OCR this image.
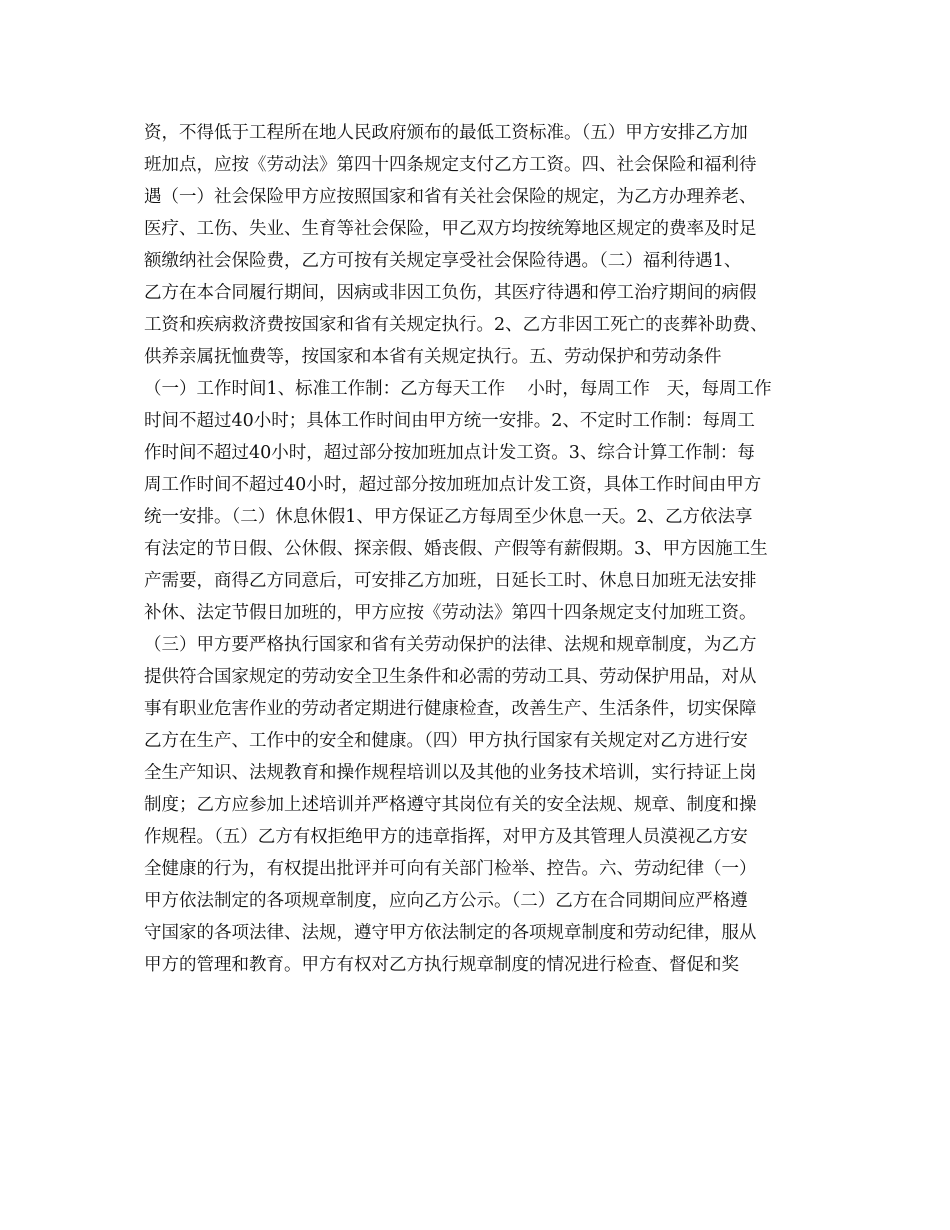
资，不得低于工程所在地人民政府颁布的最低工资标准。（五）甲方安排乙方加
班加点，应按《劳动法》第四十四条规定支付乙方工资。四、社会保险和福利待
遇（一）社会保险甲方应按照国家和省有关社会保险的规定，为乙方办理养老、
医疗、工伤、失业、生育等社会保险，甲乙双方均按统筹地区规定的费率及时足
额缴纳社会保险费，乙方可按有关规定享受社会保险待遇。（二）福利待遇1、
乙方在本合同履行期间，因病或非因工负伤，其医疗待遇和停工治疗期间的病假
工资和疾病救济费按国家和省有关规定执行。2、乙方非因工死亡的丧葬补助费、
供养亲属抚恤费等，按国家和本省有关规定执行。五、劳动保护和劳动条件
（一）工作时间1、标准工作制：乙方每天工作    小时，每周工作   天，每周工作
时间不超过40小时；具体工作时间由甲方统一安排。2、不定时工作制：每周工
作时间不超过40小时，超过部分按加班加点计发工资。3、综合计算工作制：每
周工作时间不超过40小时，超过部分按加班加点计发工资，具体工作时间由甲方
统一安排。（二）休息休假1、甲方保证乙方每周至少休息一天。2、乙方依法享
有法定的节日假、公休假、探亲假、婚丧假、产假等有薪假期。3、甲方因施工生
产需要，商得乙方同意后，可安排乙方加班，日延长工时、休息日加班无法安排
补休、法定节假日加班的，甲方应按《劳动法》第四十四条规定支付加班工资。
（三）甲方要严格执行国家和省有关劳动保护的法律、法规和规章制度，为乙方
提供符合国家规定的劳动安全卫生条件和必需的劳动工具、劳动保护用品，对从
事有职业危害作业的劳动者定期进行健康检查，改善生产、生活条件，切实保障
乙方在生产、工作中的安全和健康。（四）甲方执行国家有关规定对乙方进行安
全生产知识、法规教育和操作规程培训以及其他的业务技术培训，实行持证上岗
制度；乙方应参加上述培训并严格遵守其岗位有关的安全法规、规章、制度和操
作规程。（五）乙方有权拒绝甲方的违章指挥，对甲方及其管理人员漠视乙方安
全健康的行为，有权提出批评并可向有关部门检举、控告。六、劳动纪律（一）
甲方依法制定的各项规章制度，应向乙方公示。（二）乙方在合同期间应严格遵
守国家的各项法律、法规，遵守甲方依法制定的各项规章制度和劳动纪律，服从
甲方的管理和教育。甲方有权对乙方执行规章制度的情况进行检查、督促和奖
